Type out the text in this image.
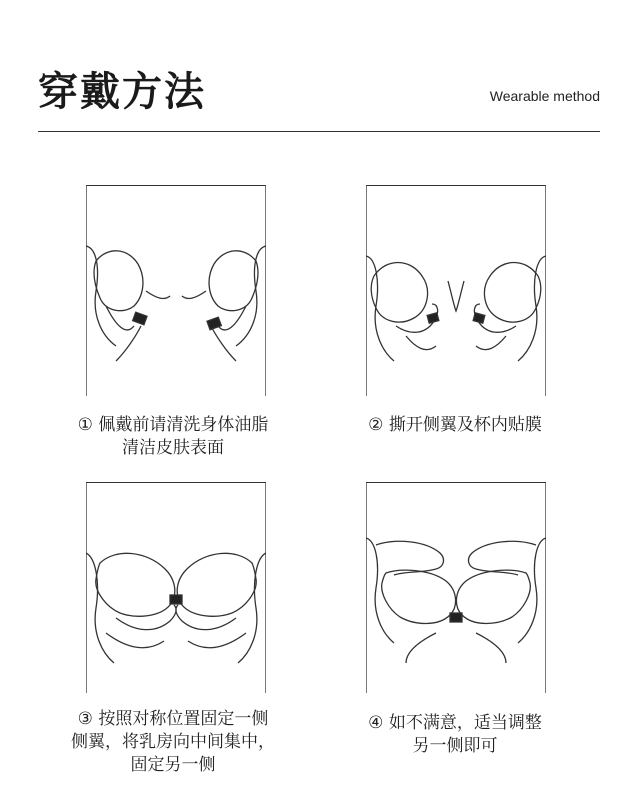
穿戴方法	Wearable method
① 佩戴前请清洗身体油脂
清洁皮肤表面
② 撕开侧翼及杯内贴膜
③ 按照对称位置固定一侧
侧翼，将乳房向中间集中，
固定另一侧
④ 如不满意，适当调整
另一侧即可
